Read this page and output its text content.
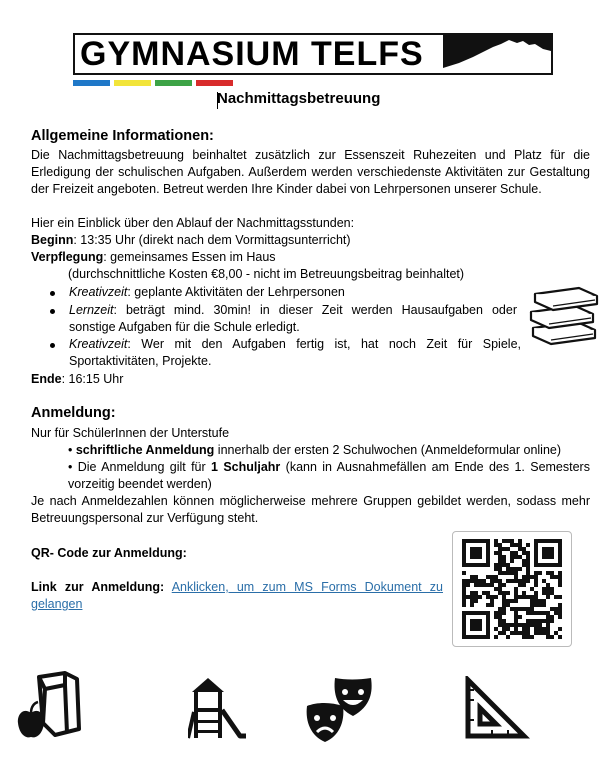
GYMNASIUM TELFS
Nachmittagsbetreuung
Allgemeine Informationen:
Die Nachmittagsbetreuung beinhaltet zusätzlich zur Essenszeit Ruhezeiten und Platz für die Erledigung der schulischen Aufgaben. Außerdem werden verschiedenste Aktivitäten zur Gestaltung der Freizeit angeboten. Betreut werden Ihre Kinder dabei von Lehrpersonen unserer Schule.
Hier ein Einblick über den Ablauf der Nachmittagsstunden:
Beginn: 13:35 Uhr (direkt nach dem Vormittagsunterricht)
Verpflegung: gemeinsames Essen im Haus
(durchschnittliche Kosten €8,00 - nicht im Betreuungsbeitrag beinhaltet)
Kreativzeit: geplante Aktivitäten der Lehrpersonen
Lernzeit: beträgt mind. 30min! in dieser Zeit werden Hausaufgaben oder sonstige Aufgaben für die Schule erledigt.
Kreativzeit: Wer mit den Aufgaben fertig ist, hat noch Zeit für Spiele, Sportaktivitäten, Projekte.
Ende: 16:15 Uhr
Anmeldung:
Nur für SchülerInnen der Unterstufe
• schriftliche Anmeldung innerhalb der ersten 2 Schulwochen (Anmeldeformular online)
• Die Anmeldung gilt für 1 Schuljahr (kann in Ausnahmefällen am Ende des 1. Semesters vorzeitig beendet werden)
Je nach Anmeldezahlen können möglicherweise mehrere Gruppen gebildet werden, sodass mehr Betreuungspersonal zur Verfügung steht.
QR- Code zur Anmeldung:
Link zur Anmeldung: Anklicken, um zum MS Forms Dokument zu gelangen
